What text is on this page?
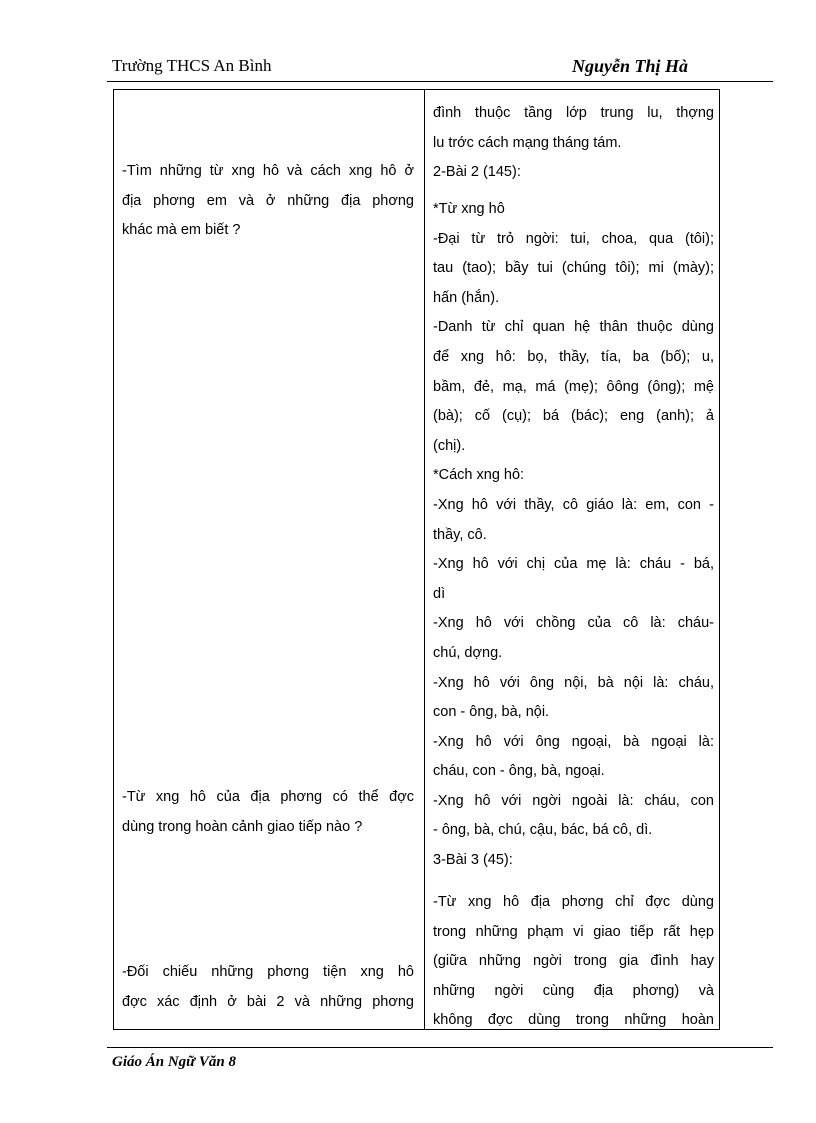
Trường THCS An Bình	Nguyễn Thị Hà
-Tìm những từ xng hô và cách xng hô ở
địa phơng em và ở những địa phơng
khác mà em biết ?
-Từ xng hô của địa phơng có thể đợc
dùng trong hoàn cảnh giao tiếp nào ?
-Đối chiếu những phơng tiện xng hô
đợc xác định ở bài 2 và những phơng
đình thuộc tầng lớp trung lu, thợng
lu trớc cách mạng tháng tám.
2-Bài 2 (145):
*Từ xng hô
-Đại từ trỏ ngời: tui, choa, qua (tôi);
tau (tao); bầy tui (chúng tôi); mi (mày);
hấn (hắn).
-Danh từ chỉ quan hệ thân thuộc dùng
để xng hô: bọ, thầy, tía, ba (bố); u,
bầm, đẻ, mạ, má (mẹ); ôông (ông); mệ
(bà); cố (cụ); bá (bác); eng (anh); ả
(chị).
*Cách xng hô:
-Xng hô với thầy, cô giáo là: em, con -
thầy, cô.
-Xng hô với chị của mẹ là: cháu - bá,
dì
-Xng hô với chồng của cô là: cháu-
chú, dợng.
-Xng hô với ông nội, bà nội là: cháu,
con - ông, bà, nội.
-Xng hô với ông ngoại, bà ngoại là:
cháu, con - ông, bà, ngoại.
-Xng hô với ngời ngoài là: cháu, con
- ông, bà, chú, cậu, bác, bá cô, dì.
3-Bài 3 (45):
-Từ xng hô địa phơng chỉ đợc dùng
trong những phạm vi giao tiếp rất hẹp
(giữa những ngời trong gia đình hay
những ngời cùng địa phơng) và
không đợc dùng trong những hoàn
Giáo Án Ngữ Văn 8
